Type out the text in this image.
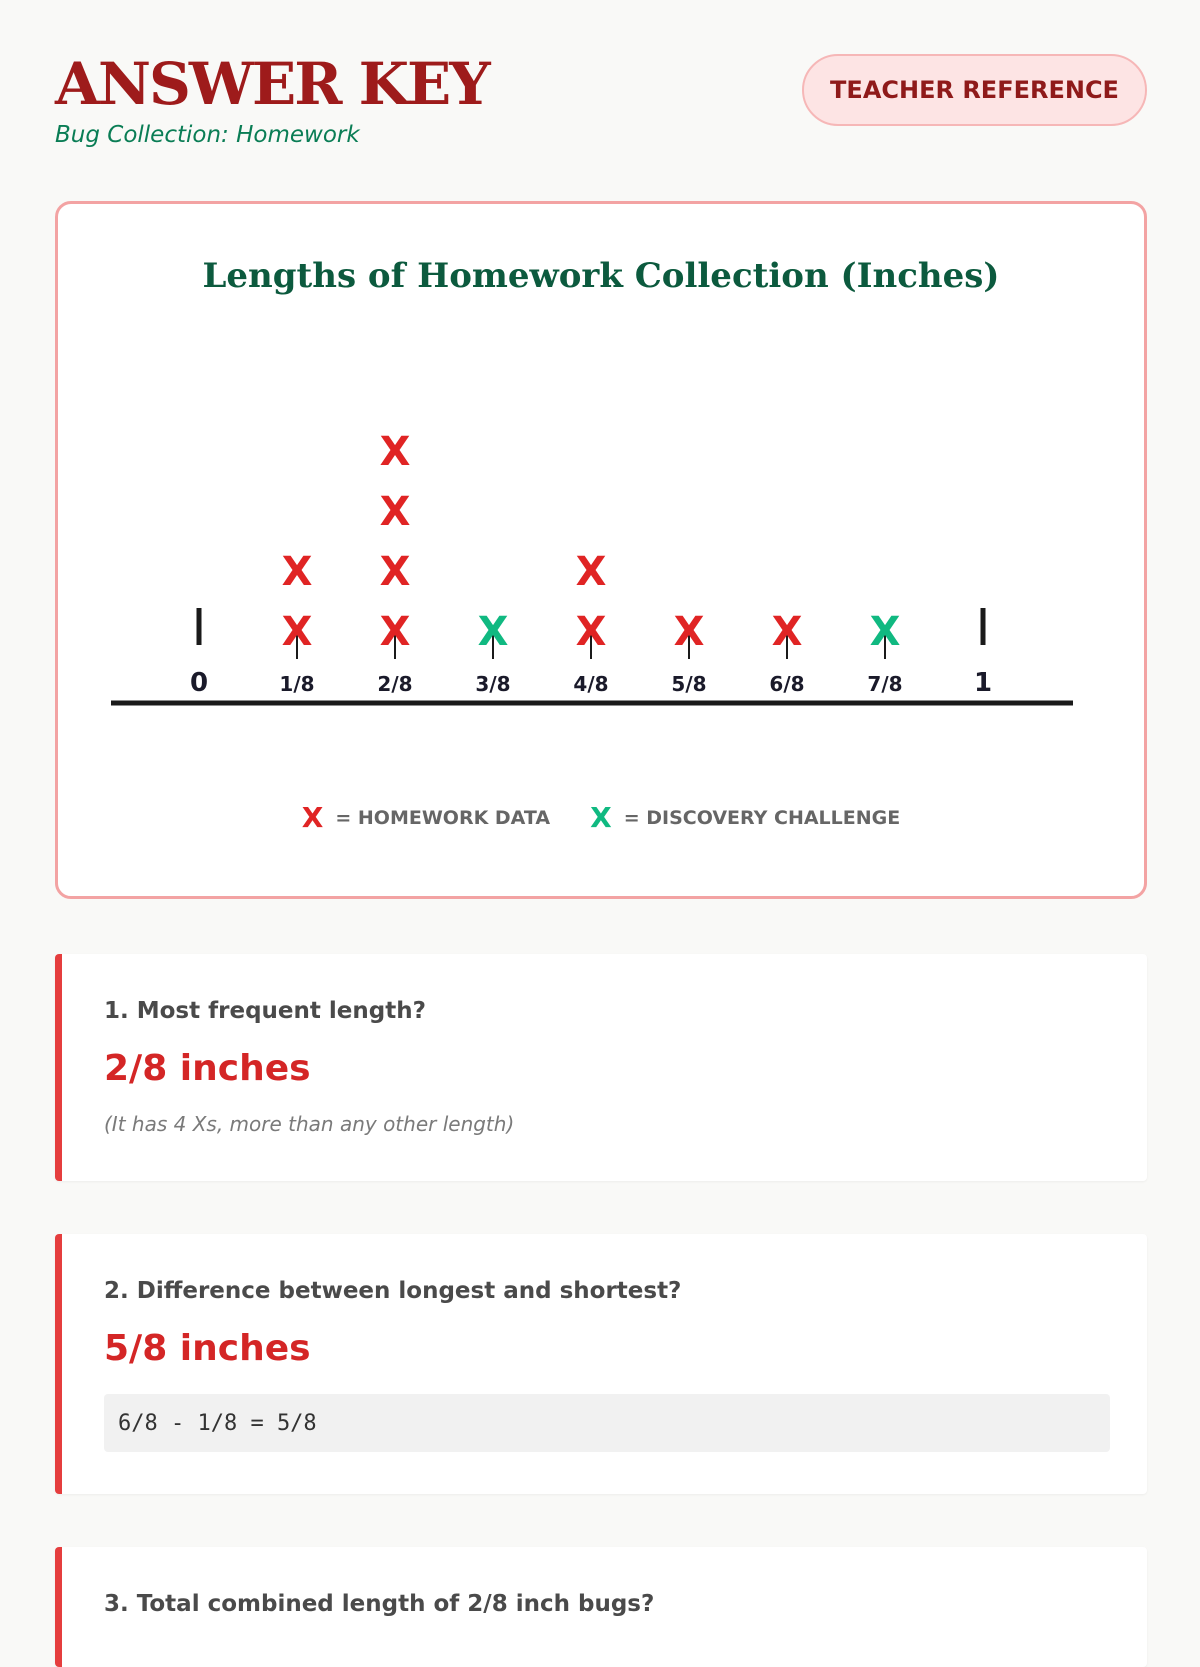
ANSWER KEY
Bug Collection: Homework
TEACHER REFERENCE
Lengths of Homework Collection (Inches)
0	1/8	2/8	3/8	4/8	5/8	6/8	7/8	1
X
X
X
X
X
X
X
X
X X
X	X
X = HOMEWORK DATA X = DISCOVERY CHALLENGE
1. Most frequent length?
2/8 inches
(It has 4 Xs, more than any other length)
2. Difference between longest and shortest?
5/8 inches
6/8 - 1/8 = 5/8
3. Total combined length of 2/8 inch bugs?
